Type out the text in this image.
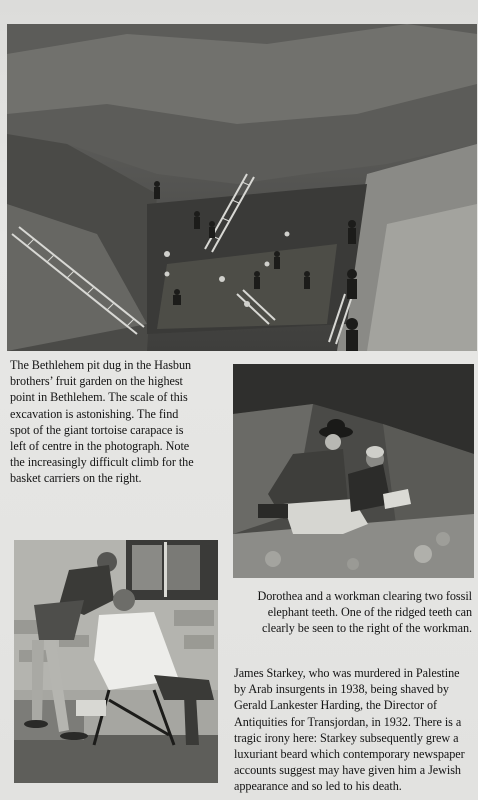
The Bethlehem pit dug in the Hasbun
brothers’ fruit garden on the highest
point in Bethlehem. The scale of this
excavation is astonishing. The find
spot of the giant tortoise carapace is
left of centre in the photograph. Note
the increasingly difficult climb for the
basket carriers on the right.

Dorothea and a workman clearing two fossil
elephant teeth. One of the ridged teeth can
clearly be seen to the right of the workman.

James Starkey, who was murdered in Palestine
by Arab insurgents in 1938, being shaved by
Gerald Lankester Harding, the Director of
Antiquities for Transjordan, in 1932. There is a
tragic irony here: Starkey subsequently grew a
luxuriant beard which contemporary newspaper
accounts suggest may have given him a Jewish
appearance and so led to his death.
